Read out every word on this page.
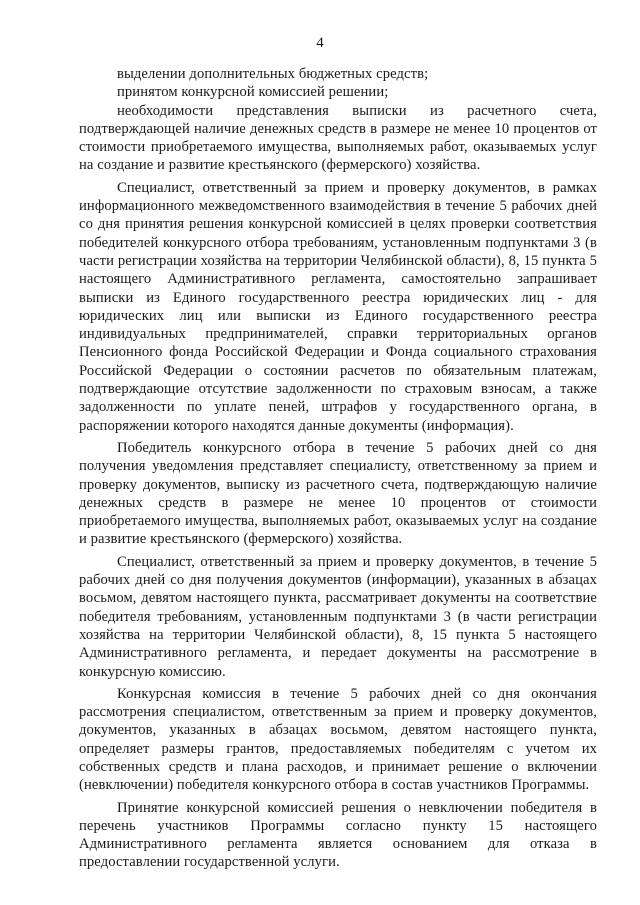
4

выделении дополнительных бюджетных средств;

принятом конкурсной комиссией решении;

необходимости представления выписки из расчетного счета, подтверждающей наличие денежных средств в размере не менее 10 процентов от стоимости приобретаемого имущества, выполняемых работ, оказываемых услуг на создание и развитие крестьянского (фермерского) хозяйства.

Специалист, ответственный за прием и проверку документов, в рамках информационного межведомственного взаимодействия в течение 5 рабочих дней со дня принятия решения конкурсной комиссией в целях проверки соответствия победителей конкурсного отбора требованиям, установленным подпунктами 3 (в части регистрации хозяйства на территории Челябинской области), 8, 15 пункта 5 настоящего Административного регламента, самостоятельно запрашивает выписки из Единого государственного реестра юридических лиц - для юридических лиц или выписки из Единого государственного реестра индивидуальных предпринимателей, справки территориальных органов Пенсионного фонда Российской Федерации и Фонда социального страхования Российской Федерации о состоянии расчетов по обязательным платежам, подтверждающие отсутствие задолженности по страховым взносам, а также задолженности по уплате пеней, штрафов у государственного органа, в распоряжении которого находятся данные документы (информация).

Победитель конкурсного отбора в течение 5 рабочих дней со дня получения уведомления представляет специалисту, ответственному за прием и проверку документов, выписку из расчетного счета, подтверждающую наличие денежных средств в размере не менее 10 процентов от стоимости приобретаемого имущества, выполняемых работ, оказываемых услуг на создание и развитие крестьянского (фермерского) хозяйства.

Специалист, ответственный за прием и проверку документов, в течение 5 рабочих дней со дня получения документов (информации), указанных в абзацах восьмом, девятом настоящего пункта, рассматривает документы на соответствие победителя требованиям, установленным подпунктами 3 (в части регистрации хозяйства на территории Челябинской области), 8, 15 пункта 5 настоящего Административного регламента, и передает документы на рассмотрение в конкурсную комиссию.

Конкурсная комиссия в течение 5 рабочих дней со дня окончания рассмотрения специалистом, ответственным за прием и проверку документов, документов, указанных в абзацах восьмом, девятом настоящего пункта, определяет размеры грантов, предоставляемых победителям с учетом их собственных средств и плана расходов, и принимает решение о включении (невключении) победителя конкурсного отбора в состав участников Программы.

Принятие конкурсной комиссией решения о невключении победителя в перечень участников Программы согласно пункту 15 настоящего Административного регламента является основанием для отказа в предоставлении государственной услуги.
